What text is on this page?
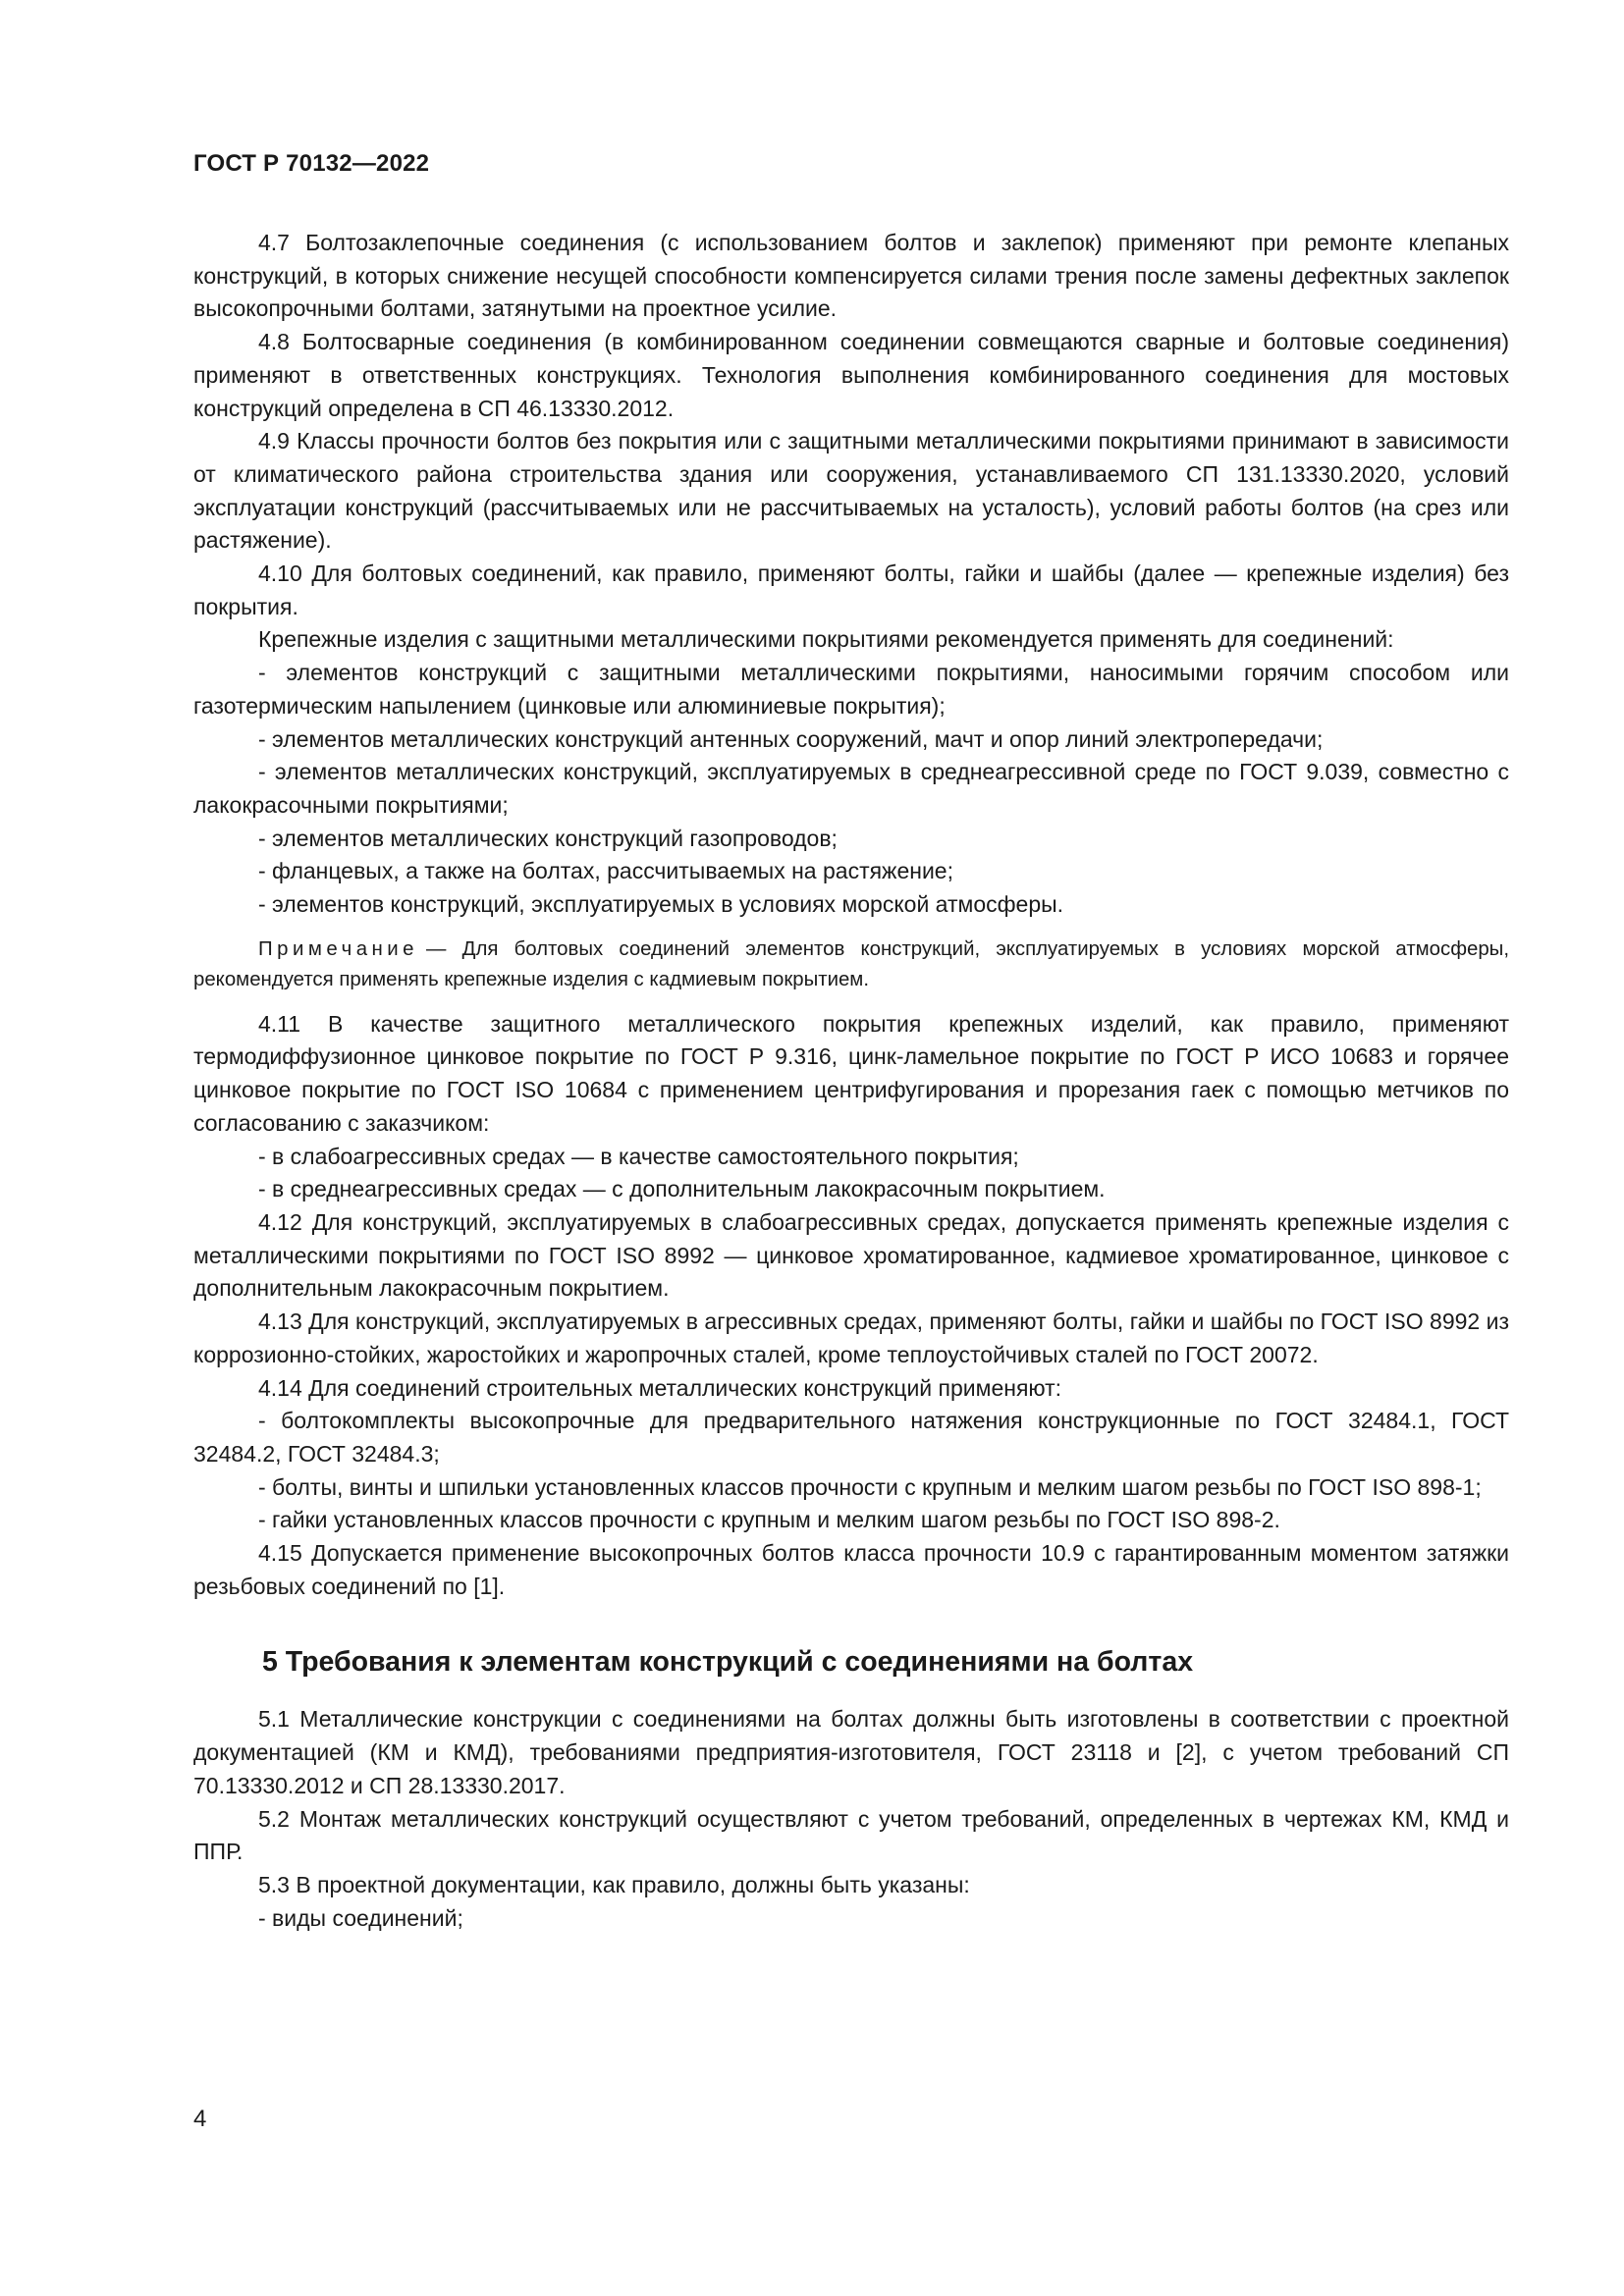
ГОСТ Р 70132—2022

4.7 Болтозаклепочные соединения (с использованием болтов и заклепок) применяют при ремонте клепаных конструкций, в которых снижение несущей способности компенсируется силами трения после замены дефектных заклепок высокопрочными болтами, затянутыми на проектное усилие.

4.8 Болтосварные соединения (в комбинированном соединении совмещаются сварные и болтовые соединения) применяют в ответственных конструкциях. Технология выполнения комбинированного соединения для мостовых конструкций определена в СП 46.13330.2012.

4.9 Классы прочности болтов без покрытия или с защитными металлическими покрытиями принимают в зависимости от климатического района строительства здания или сооружения, устанавливаемого СП 131.13330.2020, условий эксплуатации конструкций (рассчитываемых или не рассчитываемых на усталость), условий работы болтов (на срез или растяжение).

4.10 Для болтовых соединений, как правило, применяют болты, гайки и шайбы (далее — крепежные изделия) без покрытия.

Крепежные изделия с защитными металлическими покрытиями рекомендуется применять для соединений:

- элементов конструкций с защитными металлическими покрытиями, наносимыми горячим способом или газотермическим напылением (цинковые или алюминиевые покрытия);

- элементов металлических конструкций антенных сооружений, мачт и опор линий электропередачи;

- элементов металлических конструкций, эксплуатируемых в среднеагрессивной среде по ГОСТ 9.039, совместно с лакокрасочными покрытиями;

- элементов металлических конструкций газопроводов;

- фланцевых, а также на болтах, рассчитываемых на растяжение;

- элементов конструкций, эксплуатируемых в условиях морской атмосферы.

Примечание — Для болтовых соединений элементов конструкций, эксплуатируемых в условиях морской атмосферы, рекомендуется применять крепежные изделия с кадмиевым покрытием.

4.11 В качестве защитного металлического покрытия крепежных изделий, как правило, применяют термодиффузионное цинковое покрытие по ГОСТ Р 9.316, цинк-ламельное покрытие по ГОСТ Р ИСО 10683 и горячее цинковое покрытие по ГОСТ ISO 10684 с применением центрифугирования и прорезания гаек с помощью метчиков по согласованию с заказчиком:

- в слабоагрессивных средах — в качестве самостоятельного покрытия;

- в среднеагрессивных средах — с дополнительным лакокрасочным покрытием.

4.12 Для конструкций, эксплуатируемых в слабоагрессивных средах, допускается применять крепежные изделия с металлическими покрытиями по ГОСТ ISO 8992 — цинковое хроматированное, кадмиевое хроматированное, цинковое с дополнительным лакокрасочным покрытием.

4.13 Для конструкций, эксплуатируемых в агрессивных средах, применяют болты, гайки и шайбы по ГОСТ ISO 8992 из коррозионно-стойких, жаростойких и жаропрочных сталей, кроме теплоустойчивых сталей по ГОСТ 20072.

4.14 Для соединений строительных металлических конструкций применяют:

- болтокомплекты высокопрочные для предварительного натяжения конструкционные по ГОСТ 32484.1, ГОСТ 32484.2, ГОСТ 32484.3;

- болты, винты и шпильки установленных классов прочности с крупным и мелким шагом резьбы по ГОСТ ISO 898-1;

- гайки установленных классов прочности с крупным и мелким шагом резьбы по ГОСТ ISO 898-2.

4.15 Допускается применение высокопрочных болтов класса прочности 10.9 с гарантированным моментом затяжки резьбовых соединений по [1].

5 Требования к элементам конструкций с соединениями на болтах

5.1 Металлические конструкции с соединениями на болтах должны быть изготовлены в соответствии с проектной документацией (КМ и КМД), требованиями предприятия-изготовителя, ГОСТ 23118 и [2], с учетом требований СП 70.13330.2012 и СП 28.13330.2017.

5.2 Монтаж металлических конструкций осуществляют с учетом требований, определенных в чертежах КМ, КМД и ППР.

5.3 В проектной документации, как правило, должны быть указаны:

- виды соединений;

4
